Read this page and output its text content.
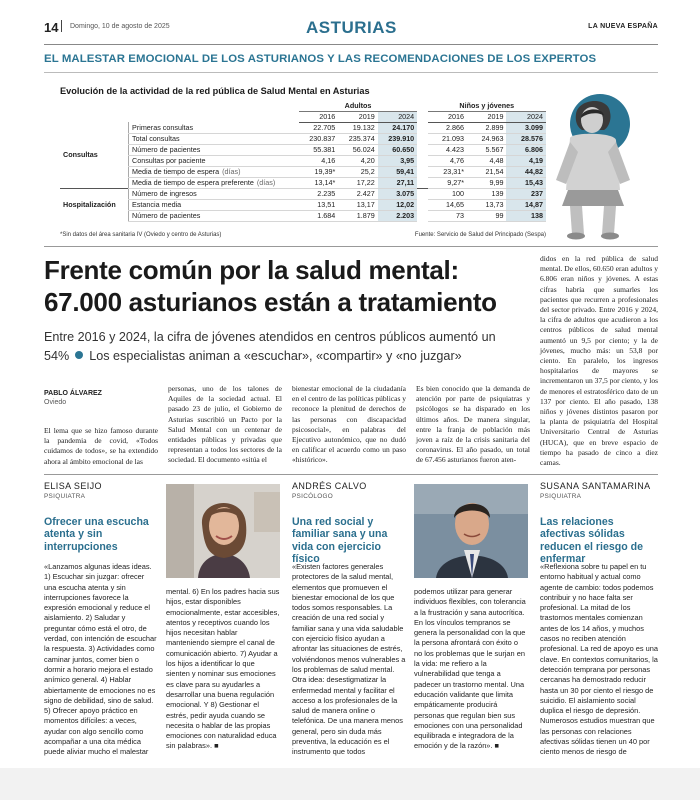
14 Domingo, 10 de agosto de 2025	ASTURIAS	LA NUEVA ESPAÑA
EL MALESTAR EMOCIONAL DE LOS ASTURIANOS Y LAS RECOMENDACIONES DE LOS EXPERTOS
Evolución de la actividad de la red pública de Salud Mental en Asturias
		Adultos				Niños y jóvenes		
		2016	2019	2024		2016	2019	2024
Consultas	Primeras consultas	22.705	19.132	24.170		2.866	2.899	3.099
	Total consultas	230.837	235.374	239.910		21.093	24.963	28.576
	Número de pacientes	55.381	56.024	60.650		4.423	5.567	6.806
	Consultas por paciente	4,16	4,20	3,95		4,76	4,48	4,19
	Media de tiempo de espera (días)	19,39*	25,2	59,41		23,31*	21,54	44,82
	Media de tiempo de espera preferente (días)	13,14*	17,22	27,11		9,27*	9,99	15,43
Hospitalización	Número de ingresos	2.235	2.427	3.075		100	139	237
	Estancia media	13,51	13,17	12,02		14,65	13,73	14,87
	Número de pacientes	1.684	1.879	2.203		73	99	138
*Sin datos del área sanitaria IV (Oviedo y centro de Asturias)	Fuente: Servicio de Salud del Principado (Sespa)
Frente común por la salud mental: 67.000 asturianos están a tratamiento
Entre 2016 y 2024, la cifra de jóvenes atendidos en centros públicos aumentó un 54% Los especialistas animan a «escuchar», «compartir» y «no juzgar»
PABLO ÁLVAREZ
Oviedo
El lema que se hizo famoso durante la pandemia de covid, «Todos cuidamos de todos», se ha extendido ahora al ámbito emocional de las
personas, uno de los talones de Aquiles de la sociedad actual. El pasado 23 de julio, el Gobierno de Asturias suscribió un Pacto por la Salud Mental con un centenar de entidades públicas y privadas que representan a todos los sectores de la sociedad. El documento «sitúa el
bienestar emocional de la ciudadanía en el centro de las políticas públicas y reconoce la plenitud de derechos de las personas con discapacidad psicosocial», en palabras del Ejecutivo autonómico, que no dudó en calificar el acuerdo como un paso «histórico».
Es bien conocido que la demanda de atención por parte de psiquiatras y psicólogos se ha disparado en los últimos años. De manera singular, entre la franja de población más joven a raíz de la crisis sanitaria del coronavirus. El año pasado, un total de 67.456 asturianos fueron aten-
didos en la red pública de salud mental. De ellos, 60.650 eran adultos y 6.806 eran niños y jóvenes. A estas cifras habría que sumarles los pacientes que recurren a profesionales del sector privado. Entre 2016 y 2024, la cifra de adultos que acudieron a los centros públicos de salud mental aumentó un 9,5 por ciento; y la de jóvenes, mucho más: un 53,8 por ciento. En paralelo, los ingresos hospitalarios de mayores se incrementaron un 37,5 por ciento, y los de menores el estratosférico dato de un 137 por ciento. El año pasado, 138 niños y jóvenes distintos pasaron por la planta de psiquiatría del Hospital Universitario Central de Asturias (HUCA), que en breve espacio de tiempo ha pasado de cinco a diez camas.
ELISA SEIJO
PSIQUIATRA
Ofrecer una escucha atenta y sin interrupciones
«Lanzamos algunas ideas ideas. 1) Escuchar sin juzgar: ofrecer una escucha atenta y sin interrupciones favorece la expresión emocional y reduce el aislamiento. 2) Saludar y preguntar cómo está el otro, de verdad, con intención de escuchar la respuesta. 3) Actividades como caminar juntos, comer bien o dormir a horario mejora el estado anímico general. 4) Hablar abiertamente de emociones no es signo de debilidad, sino de salud. 5) Ofrecer apoyo práctico en momentos difíciles: a veces, ayudar con algo sencillo como acompañar a una cita médica puede aliviar mucho el malestar
mental. 6) En los padres hacia sus hijos, estar disponibles emocionalmente, estar accesibles, atentos y receptivos cuando los hijos necesitan hablar manteniendo siempre el canal de comunicación abierto. 7) Ayudar a los hijos a identificar lo que sienten y nominar sus emociones es clave para su ayudarles a desarrollar una buena regulación emocional. Y 8) Gestionar el estrés, pedir ayuda cuando se necesita o hablar de las propias emociones con naturalidad educa sin palabras». ■
ANDRÉS CALVO
PSICÓLOGO
Una red social y familiar sana y una vida con ejercicio físico
«Existen factores generales protectores de la salud mental, elementos que promueven el bienestar emocional de los que todos somos responsables. La creación de una red social y familiar sana y una vida saludable con ejercicio físico ayudan a afrontar las situaciones de estrés, volviéndonos menos vulnerables a los problemas de salud mental. Otra idea: desestigmatizar la enfermedad mental y facilitar el acceso a los profesionales de la salud de manera online o telefónica. De una manera menos general, pero sin duda más preventiva, la educación es el instrumento que todos
podemos utilizar para generar individuos flexibles, con tolerancia a la frustración y sana autocrítica. En los vínculos tempranos se genera la personalidad con la que la persona afrontará con éxito o no los problemas que le surjan en la vida: me refiero a la vulnerabilidad que tenga a padecer un trastorno mental. Una educación validante que limita empáticamente producirá personas que regulan bien sus emociones con una personalidad equilibrada e integradora de la emoción y de la razón». ■
SUSANA SANTAMARINA
PSIQUIATRA
Las relaciones afectivas sólidas reducen el riesgo de enfermar
«Reflexiona sobre tu papel en tu entorno habitual y actual como agente de cambio: todos podemos contribuir y no hace falta ser profesional. La mitad de los trastornos mentales comienzan antes de los 14 años, y muchos casos no reciben atención profesional. La red de apoyo es una clave. En contextos comunitarios, la detección temprana por personas cercanas ha demostrado reducir hasta un 30 por ciento el riesgo de suicidio. El aislamiento social duplica el riesgo de depresión. Numerosos estudios muestran que las personas con relaciones afectivas sólidas tienen un 40 por ciento menos de riesgo de
